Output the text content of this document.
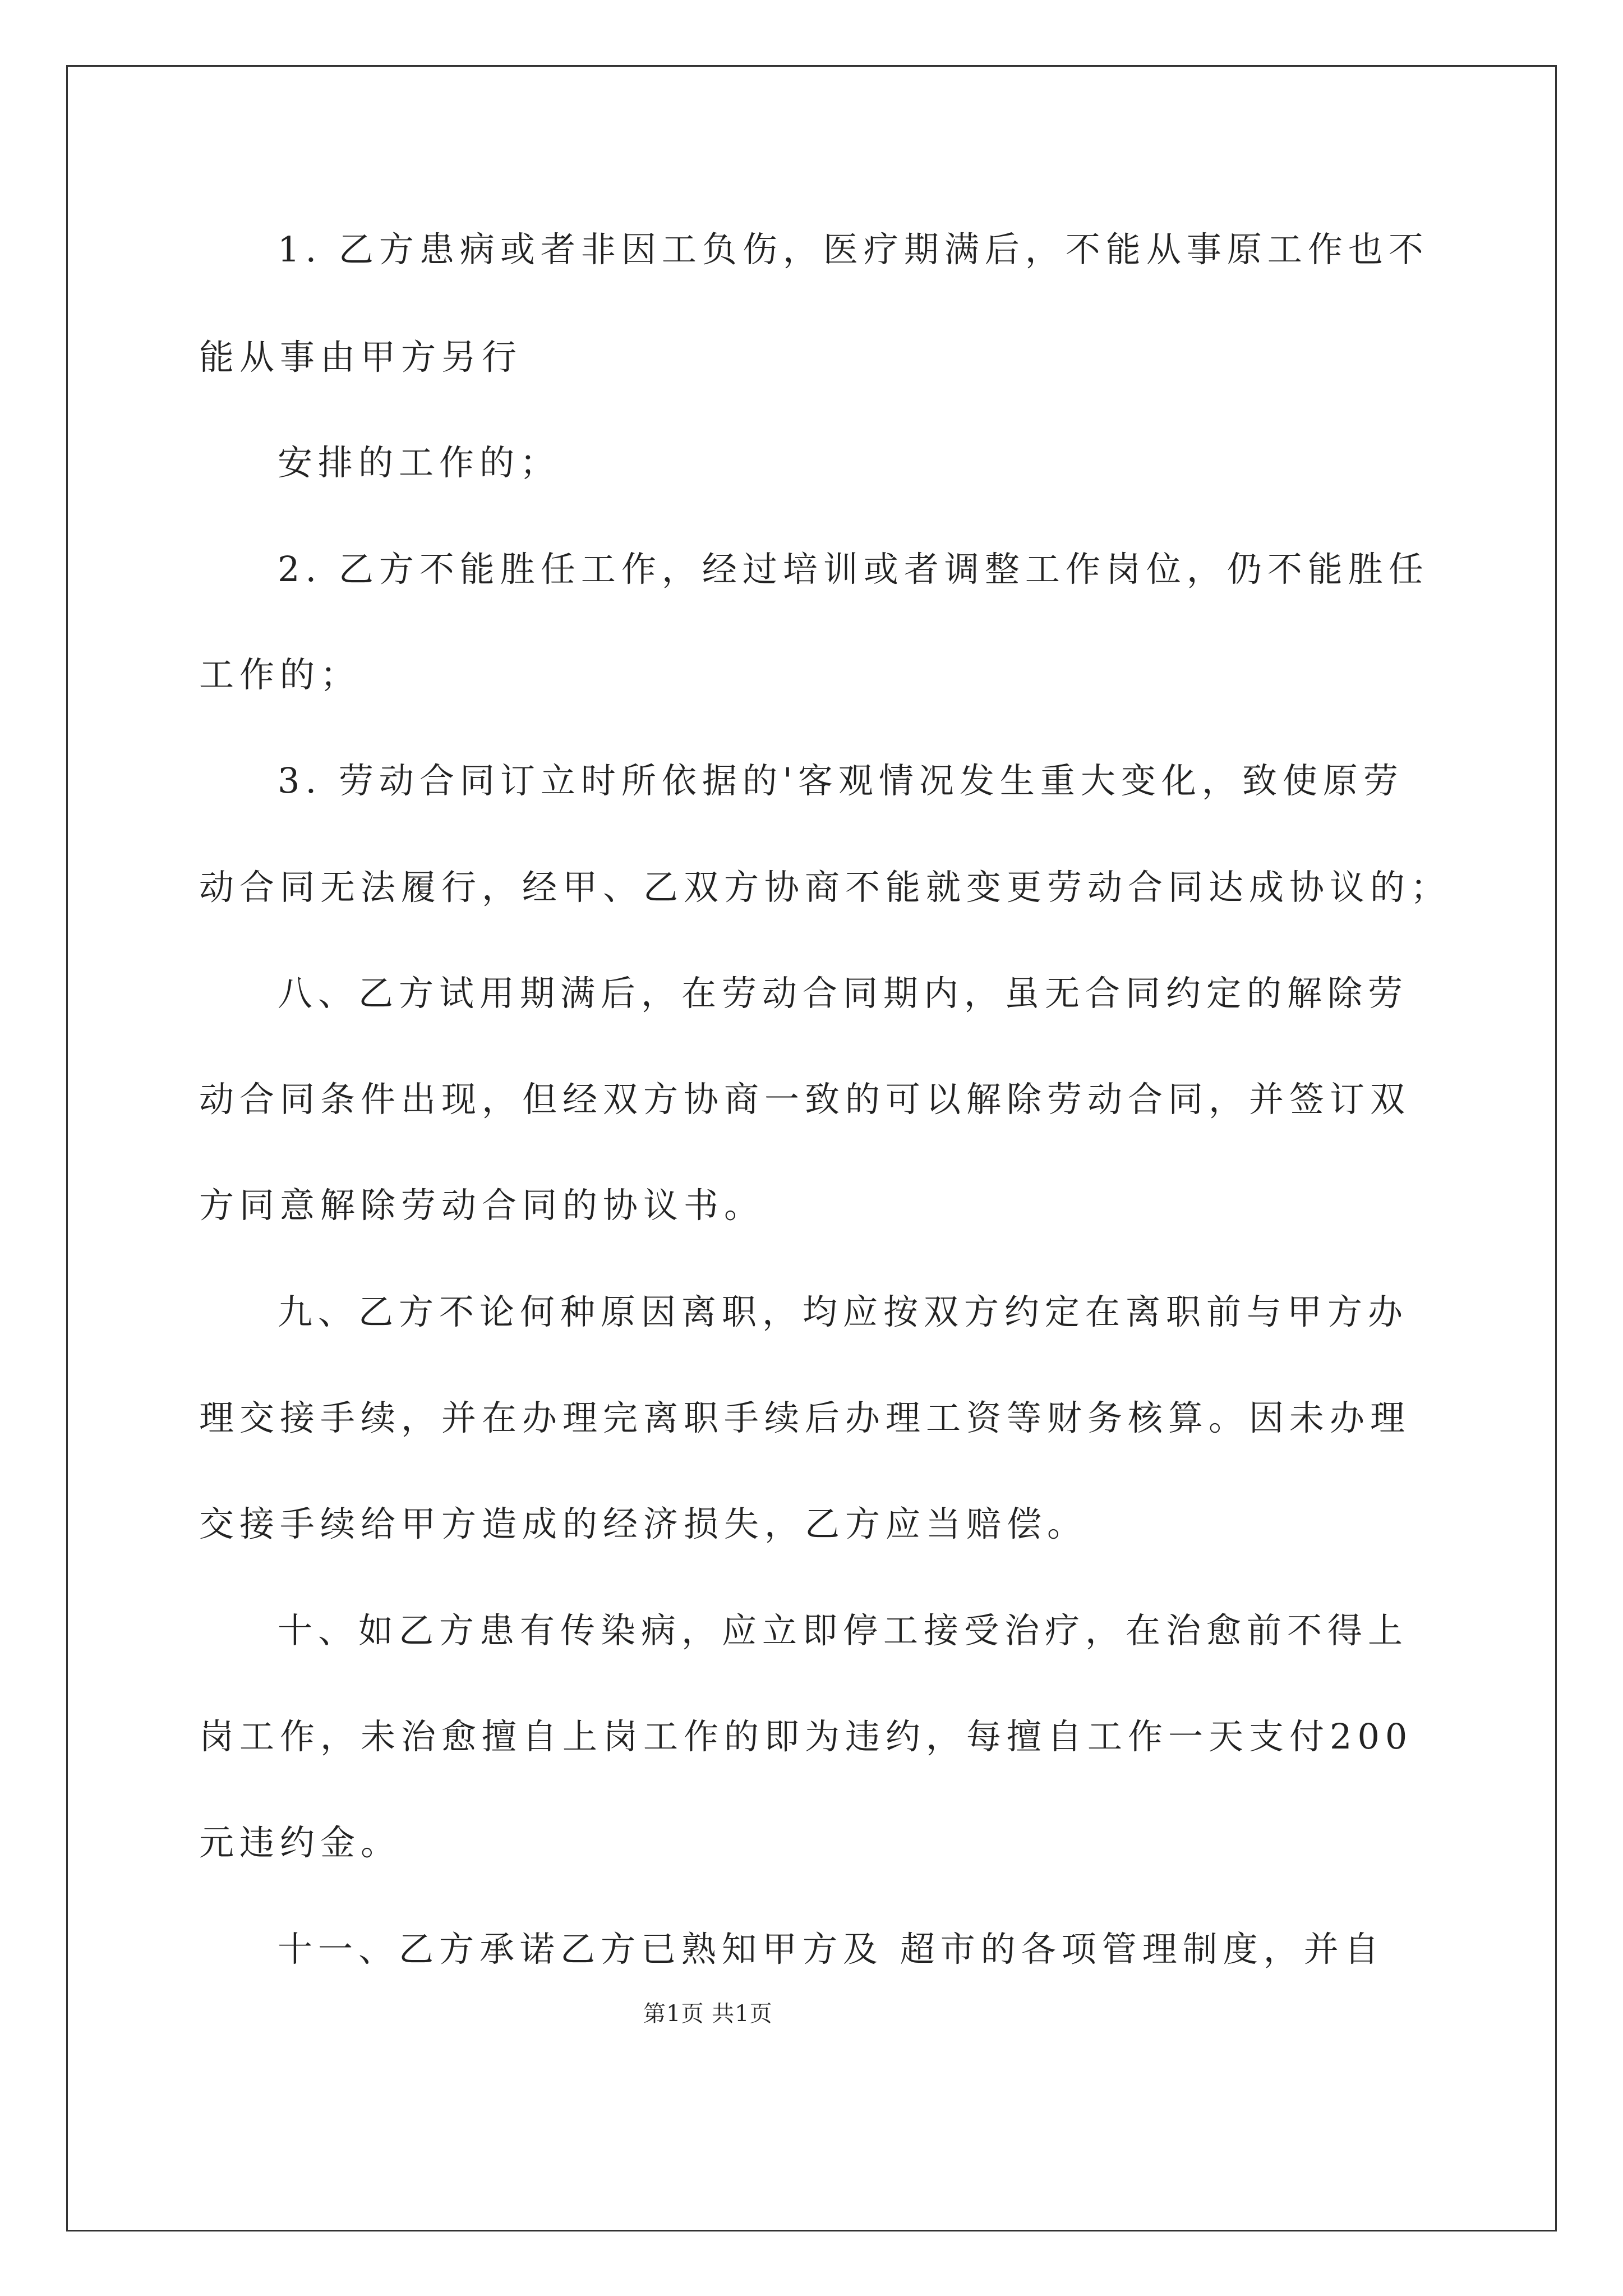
1. 乙方患病或者非因工负伤，医疗期满后，不能从事原工作也不
能从事由甲方另行
安排的工作的；
2. 乙方不能胜任工作，经过培训或者调整工作岗位，仍不能胜任
工作的；
3. 劳动合同订立时所依据的'客观情况发生重大变化，致使原劳
动合同无法履行，经甲、乙双方协商不能就变更劳动合同达成协议的；
八、乙方试用期满后，在劳动合同期内，虽无合同约定的解除劳
动合同条件出现，但经双方协商一致的可以解除劳动合同，并签订双
方同意解除劳动合同的协议书。
九、乙方不论何种原因离职，均应按双方约定在离职前与甲方办
理交接手续，并在办理完离职手续后办理工资等财务核算。因未办理
交接手续给甲方造成的经济损失，乙方应当赔偿。
十、如乙方患有传染病，应立即停工接受治疗，在治愈前不得上
岗工作，未治愈擅自上岗工作的即为违约，每擅自工作一天支付200
元违约金。
十一、乙方承诺乙方已熟知甲方及 超市的各项管理制度，并自
第1页 共1页
